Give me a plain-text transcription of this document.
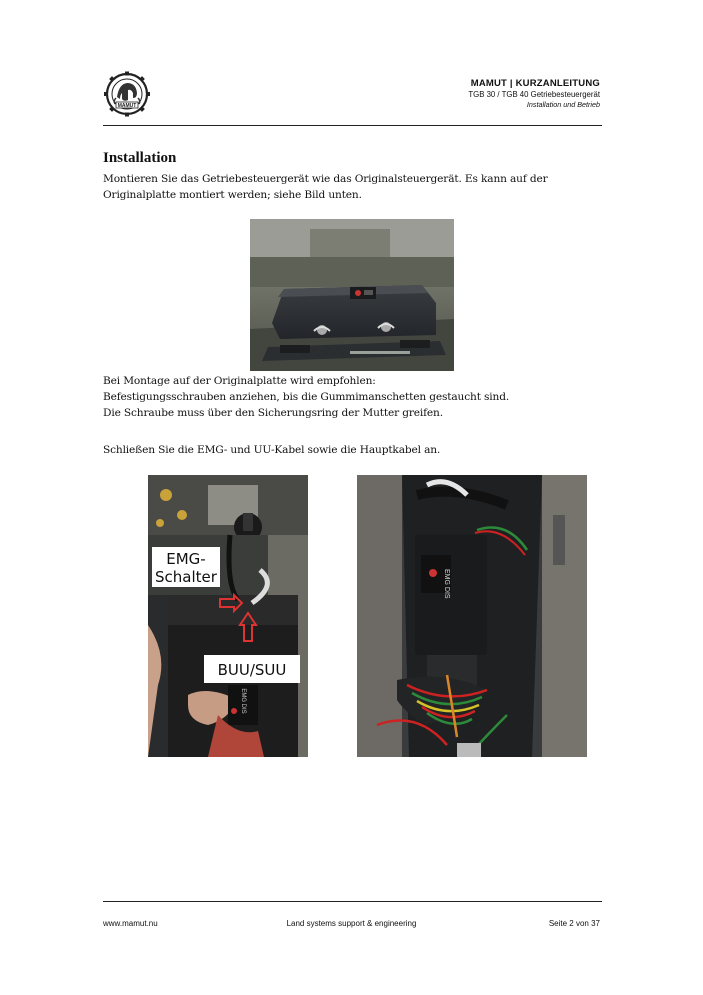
MAMUT
MAMUT | KURZANLEITUNG
TGB 30 / TGB 40 Getriebesteuergerät
Installation und Betrieb
Installation
Montieren Sie das Getriebesteuergerät wie das Originalsteuergerät. Es kann auf der Originalplatte montiert werden; siehe Bild unten.

Bei Montage auf der Originalplatte wird empfohlen:

Befestigungsschrauben anziehen, bis die Gummimanschetten gestaucht sind.

Die Schraube muss über den Sicherungsring der Mutter greifen.

Schließen Sie die EMG- und UU-Kabel sowie die Hauptkabel an.
EMG DIS
EMG-
Schalter
BUU/SUU
EMG DIS
www.mamut.nu	Land systems support & engineering	Seite 2 von 37
